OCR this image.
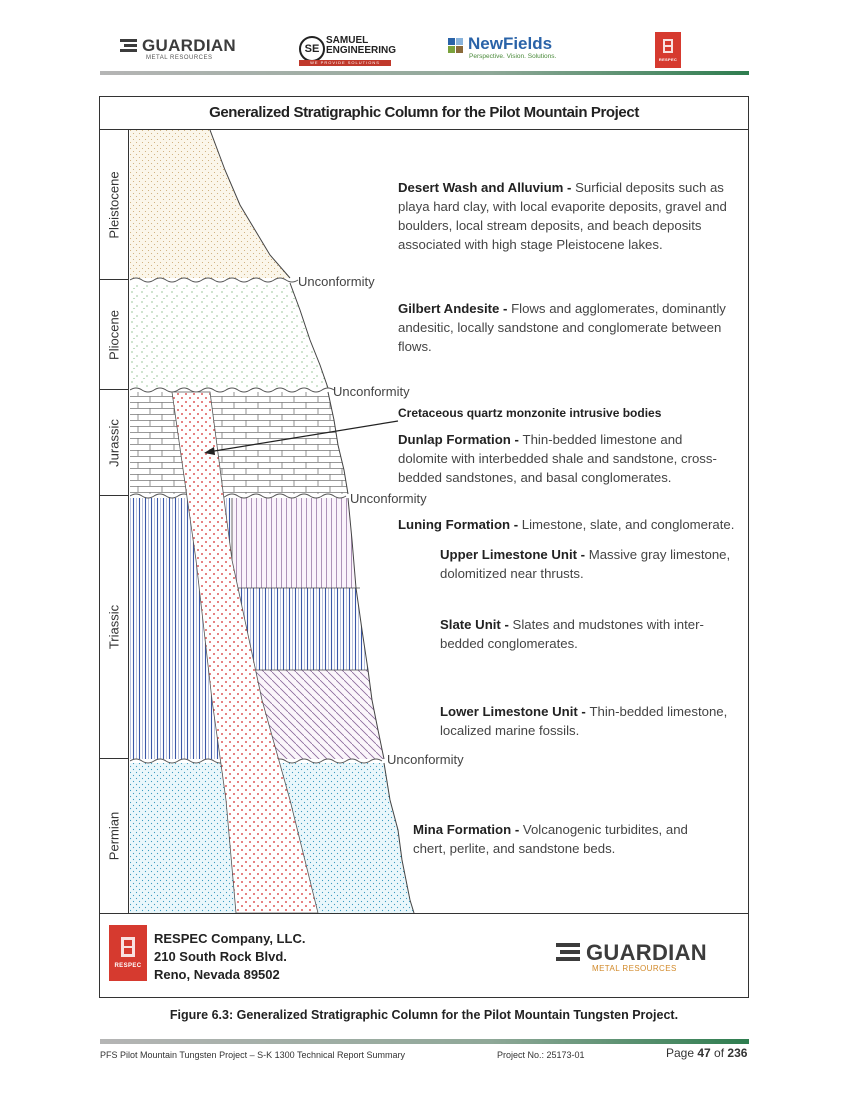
GUARDIAN
METAL RESOURCES
SE
SAMUEL
ENGINEERING
WE PROVIDE SOLUTIONS
NewFields
Perspective. Vision. Solutions.	RESPEC
Generalized Stratigraphic Column for the Pilot Mountain Project
Pleistocene
Pliocene
Jurassic
Triassic
Permian
Unconformity
Unconformity
Unconformity
Unconformity
Desert Wash and Alluvium - Surficial deposits such as playa hard clay, with local evaporite deposits, gravel and boulders, local stream deposits, and beach deposits associated with high stage Pleistocene lakes.
Gilbert Andesite - Flows and agglomerates, dominantly andesitic, locally sandstone and conglomerate between flows.
Cretaceous quartz monzonite intrusive bodies
Dunlap Formation - Thin-bedded limestone and dolomite with interbedded shale and sandstone, cross-bedded sandstones, and basal conglomerates.
Luning Formation - Limestone, slate, and conglomerate.
Upper Limestone Unit - Massive gray limestone, dolomitized near thrusts.
Slate Unit - Slates and mudstones with inter-bedded conglomerates.
Lower Limestone Unit - Thin-bedded limestone, localized marine fossils.
Mina Formation - Volcanogenic turbidites, and chert, perlite, and sandstone beds.
RESPEC
RESPEC Company, LLC.
210 South Rock Blvd.
Reno, Nevada 89502
GUARDIAN
METAL RESOURCES
Figure 6.3: Generalized Stratigraphic Column for the Pilot Mountain Tungsten Project.
PFS Pilot Mountain Tungsten Project – S-K 1300 Technical Report Summary	Project No.: 25173-01	Page 47 of 236
